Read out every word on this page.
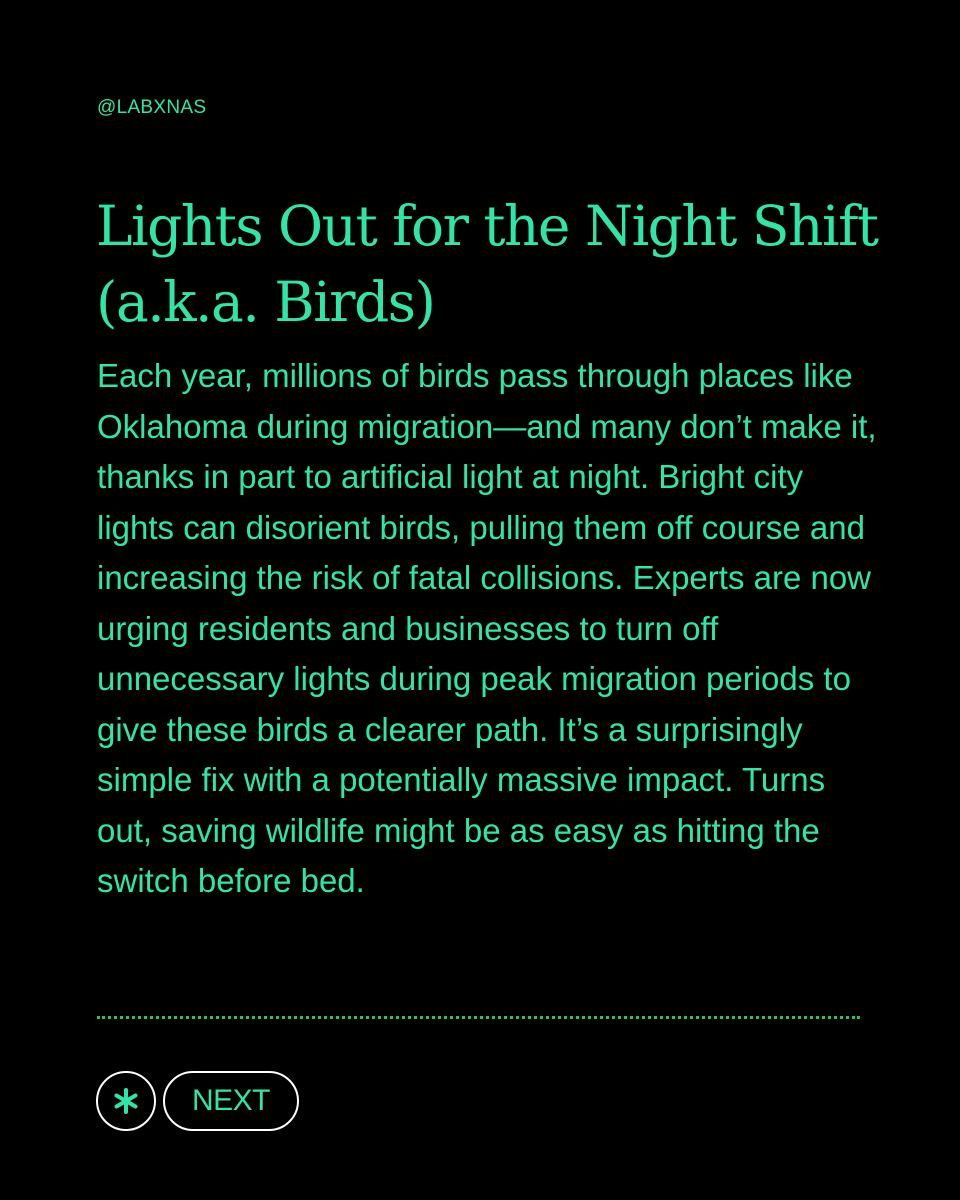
@LABXNAS
Lights Out for the Night Shift (a.k.a. Birds)

Each year, millions of birds pass through places like Oklahoma during migration—and many don’t make it, thanks in part to artificial light at night. Bright city lights can disorient birds, pulling them off course and increasing the risk of fatal collisions. Experts are now urging residents and businesses to turn off unnecessary lights during peak migration periods to give these birds a clearer path. It’s a surprisingly simple fix with a potentially massive impact. Turns out, saving wildlife might be as easy as hitting the switch before bed.

NEXT
